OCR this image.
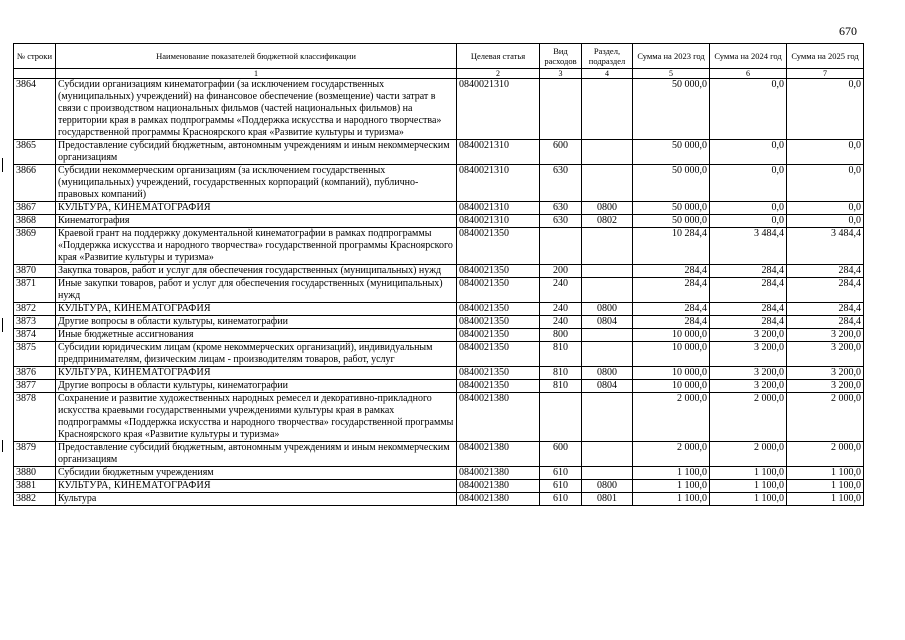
670
№ строки	Наименование показателей бюджетной классификации	Целевая статья	Вид расходов	Раздел, подраздел	Сумма на 2023 год	Сумма на 2024 год	Сумма на 2025 год
	1	2	3	4	5	6	7
3864	Субсидии организациям кинематографии (за исключением государственных (муниципальных) учреждений) на финансовое обеспечение (возмещение) части затрат в связи с производством национальных фильмов (частей национальных фильмов) на территории края в рамках подпрограммы «Поддержка искусства и народного творчества» государственной программы Красноярского края «Развитие культуры и туризма»	0840021310			50 000,0	0,0	0,0
3865	Предоставление субсидий бюджетным, автономным учреждениям и иным некоммерческим организациям	0840021310	600		50 000,0	0,0	0,0
3866	Субсидии некоммерческим организациям (за исключением государственных (муниципальных) учреждений, государственных корпораций (компаний), публично-правовых компаний)	0840021310	630		50 000,0	0,0	0,0
3867	КУЛЬТУРА, КИНЕМАТОГРАФИЯ	0840021310	630	0800	50 000,0	0,0	0,0
3868	Кинематография	0840021310	630	0802	50 000,0	0,0	0,0
3869	Краевой грант на поддержку документальной кинематографии в рамках подпрограммы «Поддержка искусства и народного творчества» государственной программы Красноярского края «Развитие культуры и туризма»	0840021350			10 284,4	3 484,4	3 484,4
3870	Закупка товаров, работ и услуг для обеспечения государственных (муниципальных) нужд	0840021350	200		284,4	284,4	284,4
3871	Иные закупки товаров, работ и услуг для обеспечения государственных (муниципальных) нужд	0840021350	240		284,4	284,4	284,4
3872	КУЛЬТУРА, КИНЕМАТОГРАФИЯ	0840021350	240	0800	284,4	284,4	284,4
3873	Другие вопросы в области культуры, кинематографии	0840021350	240	0804	284,4	284,4	284,4
3874	Иные бюджетные ассигнования	0840021350	800		10 000,0	3 200,0	3 200,0
3875	Субсидии юридическим лицам (кроме некоммерческих организаций), индивидуальным предпринимателям, физическим лицам - производителям товаров, работ, услуг	0840021350	810		10 000,0	3 200,0	3 200,0
3876	КУЛЬТУРА, КИНЕМАТОГРАФИЯ	0840021350	810	0800	10 000,0	3 200,0	3 200,0
3877	Другие вопросы в области культуры, кинематографии	0840021350	810	0804	10 000,0	3 200,0	3 200,0
3878	Сохранение и развитие художественных народных ремесел и декоративно-прикладного искусства краевыми государственными учреждениями культуры края в рамках подпрограммы «Поддержка искусства и народного творчества» государственной программы Красноярского края «Развитие культуры и туризма»	0840021380			2 000,0	2 000,0	2 000,0
3879	Предоставление субсидий бюджетным, автономным учреждениям и иным некоммерческим организациям	0840021380	600		2 000,0	2 000,0	2 000,0
3880	Субсидии бюджетным учреждениям	0840021380	610		1 100,0	1 100,0	1 100,0
3881	КУЛЬТУРА, КИНЕМАТОГРАФИЯ	0840021380	610	0800	1 100,0	1 100,0	1 100,0
3882	Культура	0840021380	610	0801	1 100,0	1 100,0	1 100,0
